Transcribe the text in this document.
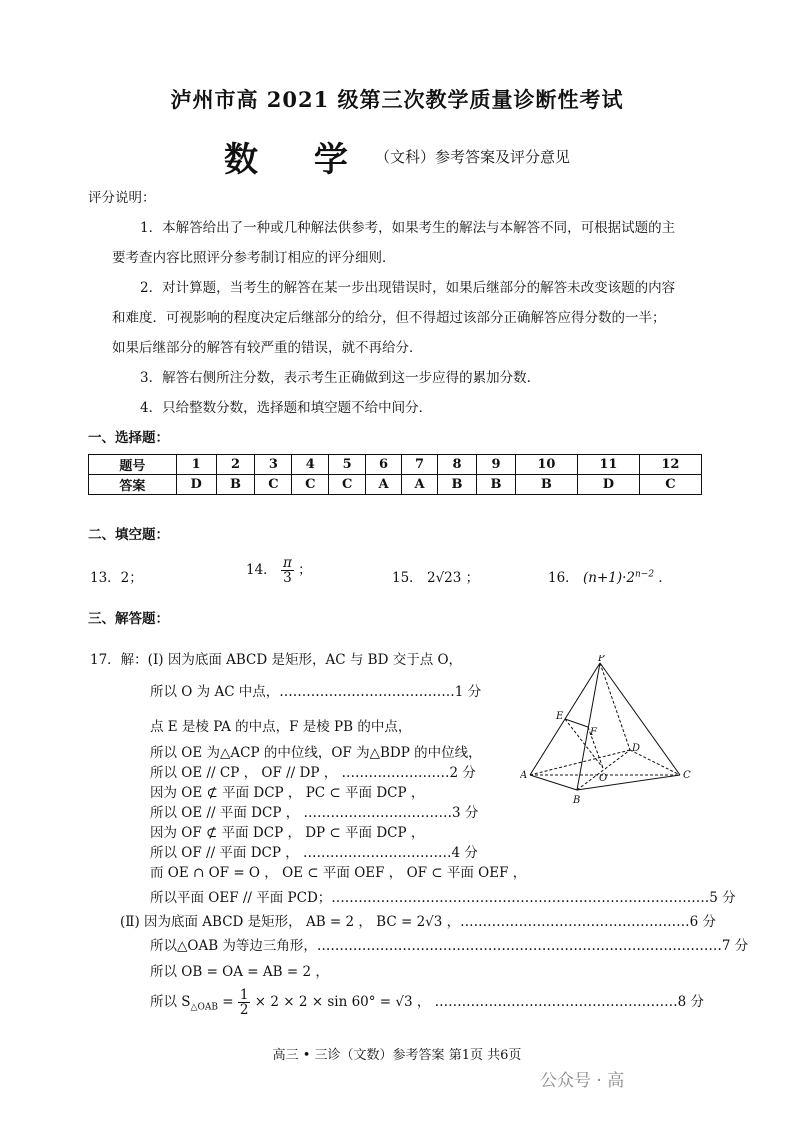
泸州市高 2021 级第三次教学质量诊断性考试
数 学 （文科）参考答案及评分意见
评分说明：
1．本解答给出了一种或几种解法供参考，如果考生的解法与本解答不同，可根据试题的主
要考查内容比照评分参考制订相应的评分细则．
2．对计算题，当考生的解答在某一步出现错误时，如果后继部分的解答未改变该题的内容
和难度．可视影响的程度决定后继部分的给分，但不得超过该部分正确解答应得分数的一半；
如果后继部分的解答有较严重的错误，就不再给分．
3．解答右侧所注分数，表示考生正确做到这一步应得的累加分数．
4．只给整数分数，选择题和填空题不给中间分．
一、选择题：
题号	1	2	3	4	5	6	7	8	9	10	11	12
答案	D	B	C	C	C	A	A	B	B	B	D	C
二、填空题：
13．2；	14． $\frac{\pi}{3}$ ；	15． 2√23 ；	16． $(n+1)\cdot 2^{n-2}$ ．
三、解答题：
17．解：(Ⅰ) 因为底面 ABCD 是矩形，AC 与 BD 交于点 O，
所以 O 为 AC 中点，…………………………………1 分
点 E 是棱 PA 的中点，F 是棱 PB 的中点，
所以 OE 为△ACP 的中位线，OF 为△BDP 的中位线，
所以 OE // CP ， OF // DP ， ……………………2 分
因为 OE ⊄ 平面 DCP ， PC ⊂ 平面 DCP ，
所以 OE // 平面 DCP ， ……………………………3 分
因为 OF ⊄ 平面 DCP ， DP ⊂ 平面 DCP ，
所以 OF // 平面 DCP ， ……………………………4 分
而 OE ∩ OF = O ， OE ⊂ 平面 OEF ， OF ⊂ 平面 OEF ，
所以平面 OEF // 平面 PCD；…………………………………………………………………………5 分
(Ⅱ) 因为底面 ABCD 是矩形， AB = 2 ， BC = 2√3 ，……………………………………………6 分
所以△OAB 为等边三角形，………………………………………………………………………………7 分
所以 OB = OA = AB = 2 ，
所以 $S_{\triangle OAB} = \frac{1}{2} \times 2 \times 2 \times \sin 60^\circ = √3$ ， ………………………………………………8 分
P
E
F
D
A	O	C
B
高三 • 三诊（文数）参考答案 第1页 共6页
公众号 · 高
